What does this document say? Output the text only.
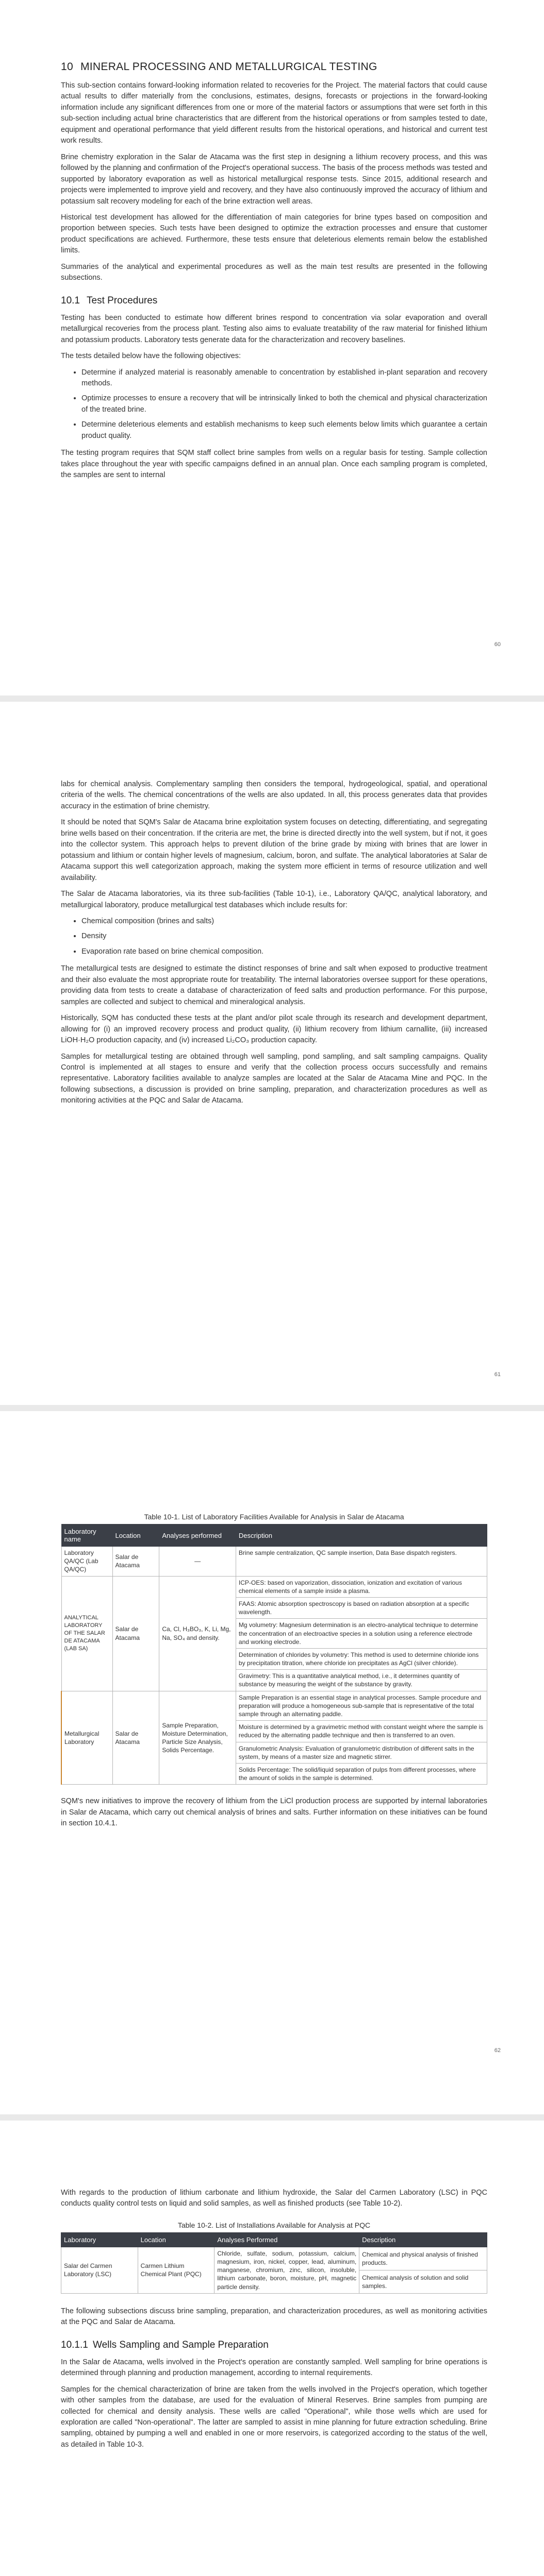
10 MINERAL PROCESSING AND METALLURGICAL TESTING

This sub-section contains forward-looking information related to recoveries for the Project. The material factors that could cause actual results to differ materially from the conclusions, estimates, designs, forecasts or projections in the forward-looking information include any significant differences from one or more of the material factors or assumptions that were set forth in this sub-section including actual brine characteristics that are different from the historical operations or from samples tested to date, equipment and operational performance that yield different results from the historical operations, and historical and current test work results.

Brine chemistry exploration in the Salar de Atacama was the first step in designing a lithium recovery process, and this was followed by the planning and confirmation of the Project's operational success. The basis of the process methods was tested and supported by laboratory evaporation as well as historical metallurgical response tests. Since 2015, additional research and projects were implemented to improve yield and recovery, and they have also continuously improved the accuracy of lithium and potassium salt recovery modeling for each of the brine extraction well areas.

Historical test development has allowed for the differentiation of main categories for brine types based on composition and proportion between species. Such tests have been designed to optimize the extraction processes and ensure that customer product specifications are achieved. Furthermore, these tests ensure that deleterious elements remain below the established limits.

Summaries of the analytical and experimental procedures as well as the main test results are presented in the following subsections.

10.1 Test Procedures

Testing has been conducted to estimate how different brines respond to concentration via solar evaporation and overall metallurgical recoveries from the process plant. Testing also aims to evaluate treatability of the raw material for finished lithium and potassium products. Laboratory tests generate data for the characterization and recovery baselines.

The tests detailed below have the following objectives:

• Determine if analyzed material is reasonably amenable to concentration by established in-plant separation and recovery methods.
• Optimize processes to ensure a recovery that will be intrinsically linked to both the chemical and physical characterization of the treated brine.
• Determine deleterious elements and establish mechanisms to keep such elements below limits which guarantee a certain product quality.

The testing program requires that SQM staff collect brine samples from wells on a regular basis for testing. Sample collection takes place throughout the year with specific campaigns defined in an annual plan. Once each sampling program is completed, the samples are sent to internal

60

labs for chemical analysis. Complementary sampling then considers the temporal, hydrogeological, spatial, and operational criteria of the wells. The chemical concentrations of the wells are also updated. In all, this process generates data that provides accuracy in the estimation of brine chemistry.

It should be noted that SQM's Salar de Atacama brine exploitation system focuses on detecting, differentiating, and segregating brine wells based on their concentration. If the criteria are met, the brine is directed directly into the well system, but if not, it goes into the collector system. This approach helps to prevent dilution of the brine grade by mixing with brines that are lower in potassium and lithium or contain higher levels of magnesium, calcium, boron, and sulfate. The analytical laboratories at Salar de Atacama support this well categorization approach, making the system more efficient in terms of resource utilization and well availability.

The Salar de Atacama laboratories, via its three sub-facilities (Table 10-1), i.e., Laboratory QA/QC, analytical laboratory, and metallurgical laboratory, produce metallurgical test databases which include results for:

• Chemical composition (brines and salts)
• Density
• Evaporation rate based on brine chemical composition.

The metallurgical tests are designed to estimate the distinct responses of brine and salt when exposed to productive treatment and their also evaluate the most appropriate route for treatability. The internal laboratories oversee support for these operations, providing data from tests to create a database of characterization of feed salts and production performance. For this purpose, samples are collected and subject to chemical and mineralogical analysis.

Historically, SQM has conducted these tests at the plant and/or pilot scale through its research and development department, allowing for (i) an improved recovery process and product quality, (ii) lithium recovery from lithium carnallite, (iii) increased LiOH·H₂O production capacity, and (iv) increased Li₂CO₃ production capacity.

Samples for metallurgical testing are obtained through well sampling, pond sampling, and salt sampling campaigns. Quality Control is implemented at all stages to ensure and verify that the collection process occurs successfully and remains representative. Laboratory facilities available to analyze samples are located at the Salar de Atacama Mine and PQC. In the following subsections, a discussion is provided on brine sampling, preparation, and characterization procedures as well as monitoring activities at the PQC and Salar de Atacama.

61
Table 10-1. List of Laboratory Facilities Available for Analysis in Salar de Atacama
Laboratory name	Location	Analyses performed	Description
Laboratory QA/QC (Lab QA/QC)	Salar de Atacama	—	Brine sample centralization, QC sample insertion, Data Base dispatch registers.
ANALYTICAL LABORATORY OF THE SALAR DE ATACAMA (LAB SA)	Salar de Atacama	Ca, Cl, H₃BO₃, K, Li, Mg, Na, SO₄ and density.	ICP-OES: based on vaporization, dissociation, ionization and excitation of various chemical elements of a sample inside a plasma.
			FAAS: Atomic absorption spectroscopy is based on radiation absorption at a specific wavelength.
			Mg volumetry: Magnesium determination is an electro-analytical technique to determine the concentration of an electroactive species in a solution using a reference electrode and working electrode.
			Determination of chlorides by volumetry: This method is used to determine chloride ions by precipitation titration, where chloride ion precipitates as AgCl (silver chloride).
			Gravimetry: This is a quantitative analytical method, i.e., it determines quantity of substance by measuring the weight of the substance by gravity.
Metallurgical Laboratory	Salar de Atacama	Sample Preparation, Moisture Determination, Particle Size Analysis, Solids Percentage.	Sample Preparation is an essential stage in analytical processes. Sample procedure and preparation will produce a homogeneous sub-sample that is representative of the total sample through an alternating paddle.
			Moisture is determined by a gravimetric method with constant weight where the sample is reduced by the alternating paddle technique and then is transferred to an oven.
			Granulometric Analysis: Evaluation of granulometric distribution of different salts in the system, by means of a master size and magnetic stirrer.
			Solids Percentage: The solid/liquid separation of pulps from different processes, where the amount of solids in the sample is determined.

SQM's new initiatives to improve the recovery of lithium from the LiCl production process are supported by internal laboratories in Salar de Atacama, which carry out chemical analysis of brines and salts. Further information on these initiatives can be found in section 10.4.1.

62

With regards to the production of lithium carbonate and lithium hydroxide, the Salar del Carmen Laboratory (LSC) in PQC conducts quality control tests on liquid and solid samples, as well as finished products (see Table 10-2).

Table 10-2. List of Installations Available for Analysis at PQC
Laboratory	Location	Analyses Performed	Description
Salar del Carmen Laboratory (LSC)	Carmen Lithium Chemical Plant (PQC)	Chloride, sulfate, sodium, potassium, calcium, magnesium, iron, nickel, copper, lead, aluminum, manganese, chromium, zinc, silicon, insoluble, lithium carbonate, boron, moisture, pH, magnetic particle density.	Chemical and physical analysis of finished products.
			Chemical analysis of solution and solid samples.

The following subsections discuss brine sampling, preparation, and characterization procedures, as well as monitoring activities at the PQC and Salar de Atacama.

10.1.1 Wells Sampling and Sample Preparation

In the Salar de Atacama, wells involved in the Project's operation are constantly sampled. Well sampling for brine operations is determined through planning and production management, according to internal requirements.

Samples for the chemical characterization of brine are taken from the wells involved in the Project's operation, which together with other samples from the database, are used for the evaluation of Mineral Reserves. Brine samples from pumping are collected for chemical and density analysis. These wells are called "Operational", while those wells which are used for exploration are called "Non-operational". The latter are sampled to assist in mine planning for future extraction scheduling. Brine sampling, obtained by pumping a well and enabled in one or more reservoirs, is categorized according to the status of the well, as detailed in Table 10-3.
